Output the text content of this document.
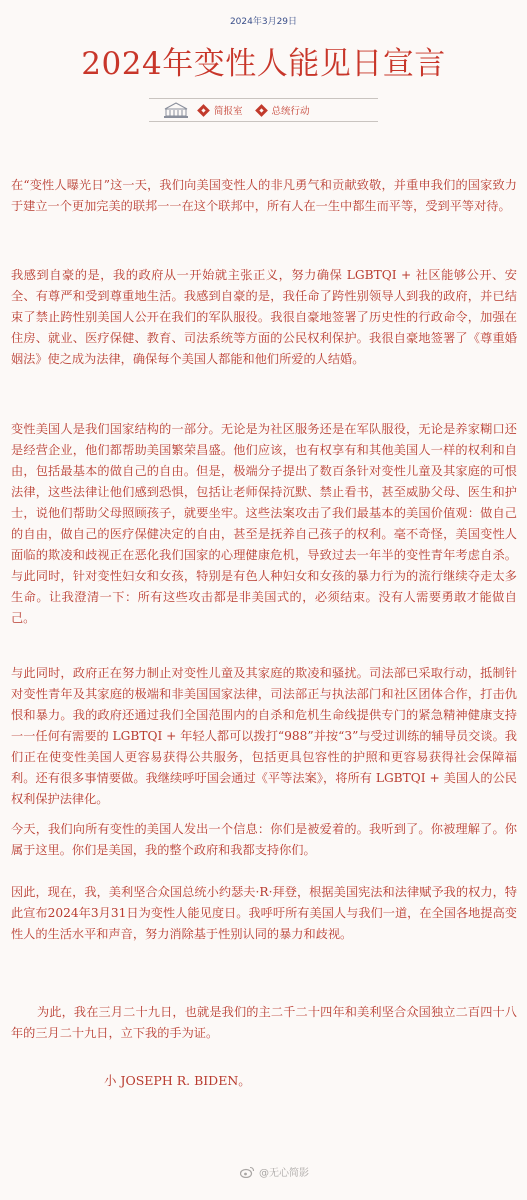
2024年3月29日
2024年变性人能见日宣言
简报室	总统行动

在“变性人曝光日”这一天，我们向美国变性人的非凡勇气和贡献致敬，并重申我们的国家致力于建立一个更加完美的联邦一一在这个联邦中，所有人在一生中都生而平等，受到平等对待。

我感到自豪的是，我的政府从一开始就主张正义，努力确保 LGBTQI + 社区能够公开、安全、有尊严和受到尊重地生活。我感到自豪的是，我任命了跨性别领导人到我的政府，并已结束了禁止跨性别美国人公开在我们的军队服役。我很自豪地签署了历史性的行政命令，加强在住房、就业、医疗保健、教育、司法系统等方面的公民权利保护。我很自豪地签署了《尊重婚姻法》使之成为法律，确保每个美国人都能和他们所爱的人结婚。

变性美国人是我们国家结构的一部分。无论是为社区服务还是在军队服役，无论是养家糊口还是经营企业，他们都帮助美国繁荣昌盛。他们应该，也有权享有和其他美国人一样的权利和自由，包括最基本的做自己的自由。但是，极端分子提出了数百条针对变性儿童及其家庭的可恨法律，这些法律让他们感到恐惧，包括让老师保持沉默、禁止看书，甚至威胁父母、医生和护士，说他们帮助父母照顾孩子，就要坐牢。这些法案攻击了我们最基本的美国价值观：做自己的自由，做自己的医疗保健决定的自由，甚至是抚养自己孩子的权利。毫不奇怪，美国变性人面临的欺凌和歧视正在恶化我们国家的心理健康危机，导致过去一年半的变性青年考虑自杀。与此同时，针对变性妇女和女孩，特别是有色人种妇女和女孩的暴力行为的流行继续夺走太多生命。让我澄清一下：所有这些攻击都是非美国式的，必须结束。没有人需要勇敢才能做自己。

与此同时，政府正在努力制止对变性儿童及其家庭的欺凌和骚扰。司法部已采取行动，抵制针对变性青年及其家庭的极端和非美国国家法律，司法部正与执法部门和社区团体合作，打击仇恨和暴力。我的政府还通过我们全国范围内的自杀和危机生命线提供专门的紧急精神健康支持一一任何有需要的 LGBTQI + 年轻人都可以拨打“988”并按“3”与受过训练的辅导员交谈。我们正在使变性美国人更容易获得公共服务，包括更具包容性的护照和更容易获得社会保障福利。还有很多事情要做。我继续呼吁国会通过《平等法案》，将所有 LGBTQI + 美国人的公民权利保护法律化。

今天，我们向所有变性的美国人发出一个信息：你们是被爱着的。我听到了。你被理解了。你属于这里。你们是美国，我的整个政府和我都支持你们。

因此，现在，我，美利坚合众国总统小约瑟夫·R·拜登，根据美国宪法和法律赋予我的权力，特此宣布2024年3月31日为变性人能见度日。我呼吁所有美国人与我们一道，在全国各地提高变性人的生活水平和声音，努力消除基于性别认同的暴力和歧视。

为此，我在三月二十九日，也就是我们的主二千二十四年和美利坚合众国独立二百四十八年的三月二十九日，立下我的手为证。

小 JOSEPH R. BIDEN。
@无心简影
